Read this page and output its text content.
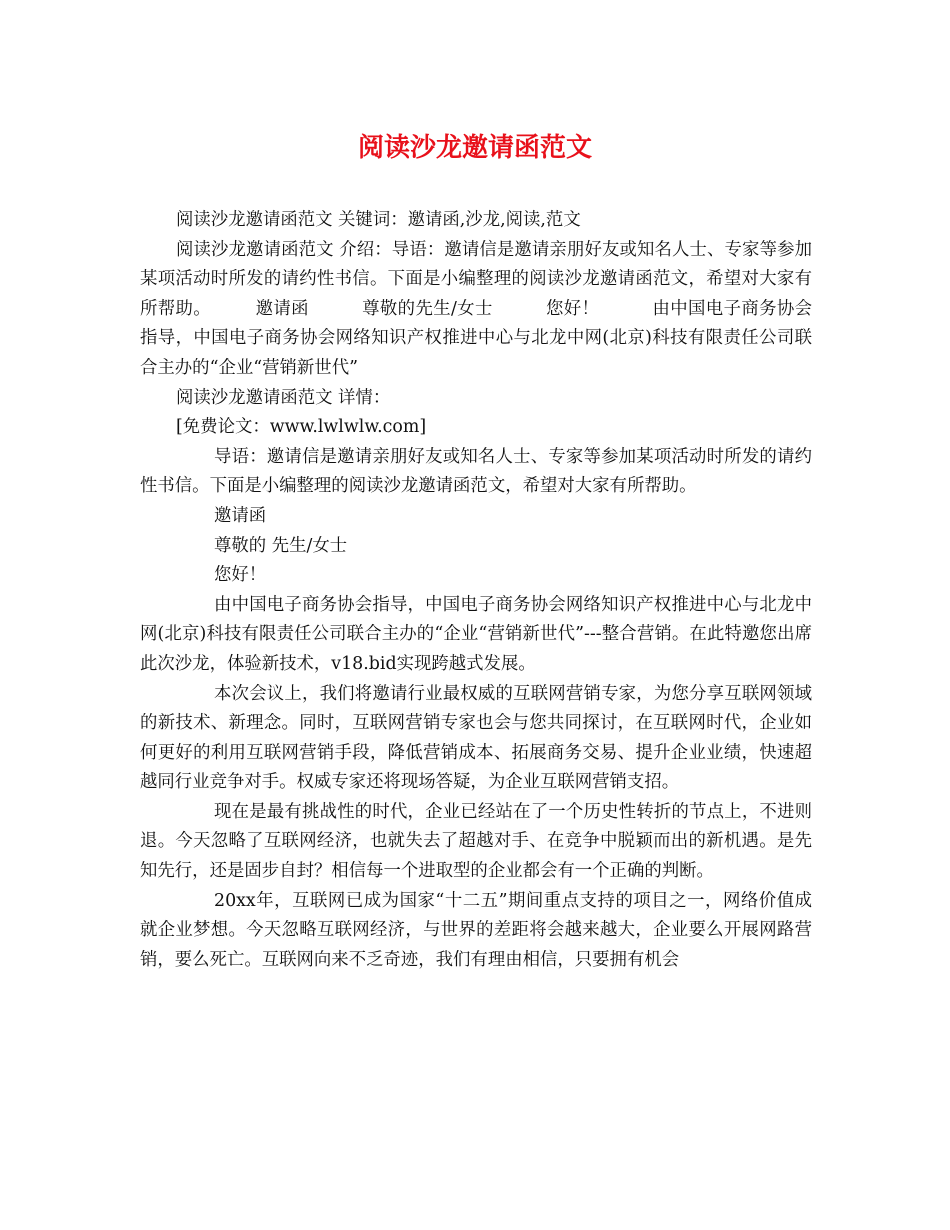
阅读沙龙邀请函范文

阅读沙龙邀请函范文 关键词：邀请函,沙龙,阅读,范文

阅读沙龙邀请函范文 介绍：导语：邀请信是邀请亲朋好友或知名人士、专家等参加某项活动时所发的请约性书信。下面是小编整理的阅读沙龙邀请函范文，希望对大家有所帮助。　　　邀请函　　　尊敬的先生/女士　　　您好！　　　由中国电子商务协会指导，中国电子商务协会网络知识产权推进中心与北龙中网(北京)科技有限责任公司联合主办的“企业“营销新世代”

阅读沙龙邀请函范文 详情：

[免费论文：www.lwlwlw.com]

导语：邀请信是邀请亲朋好友或知名人士、专家等参加某项活动时所发的请约性书信。下面是小编整理的阅读沙龙邀请函范文，希望对大家有所帮助。

邀请函

尊敬的 先生/女士

您好！

由中国电子商务协会指导，中国电子商务协会网络知识产权推进中心与北龙中网(北京)科技有限责任公司联合主办的“企业“营销新世代”---整合营销。在此特邀您出席此次沙龙，体验新技术，v18.bid实现跨越式发展。

本次会议上，我们将邀请行业最权威的互联网营销专家，为您分享互联网领域的新技术、新理念。同时，互联网营销专家也会与您共同探讨，在互联网时代，企业如何更好的利用互联网营销手段，降低营销成本、拓展商务交易、提升企业业绩，快速超越同行业竞争对手。权威专家还将现场答疑，为企业互联网营销支招。

现在是最有挑战性的时代，企业已经站在了一个历史性转折的节点上，不进则退。今天忽略了互联网经济，也就失去了超越对手、在竞争中脱颖而出的新机遇。是先知先行，还是固步自封？相信每一个进取型的企业都会有一个正确的判断。

20xx年，互联网已成为国家“十二五”期间重点支持的项目之一，网络价值成就企业梦想。今天忽略互联网经济，与世界的差距将会越来越大，企业要么开展网路营销，要么死亡。互联网向来不乏奇迹，我们有理由相信，只要拥有机会
